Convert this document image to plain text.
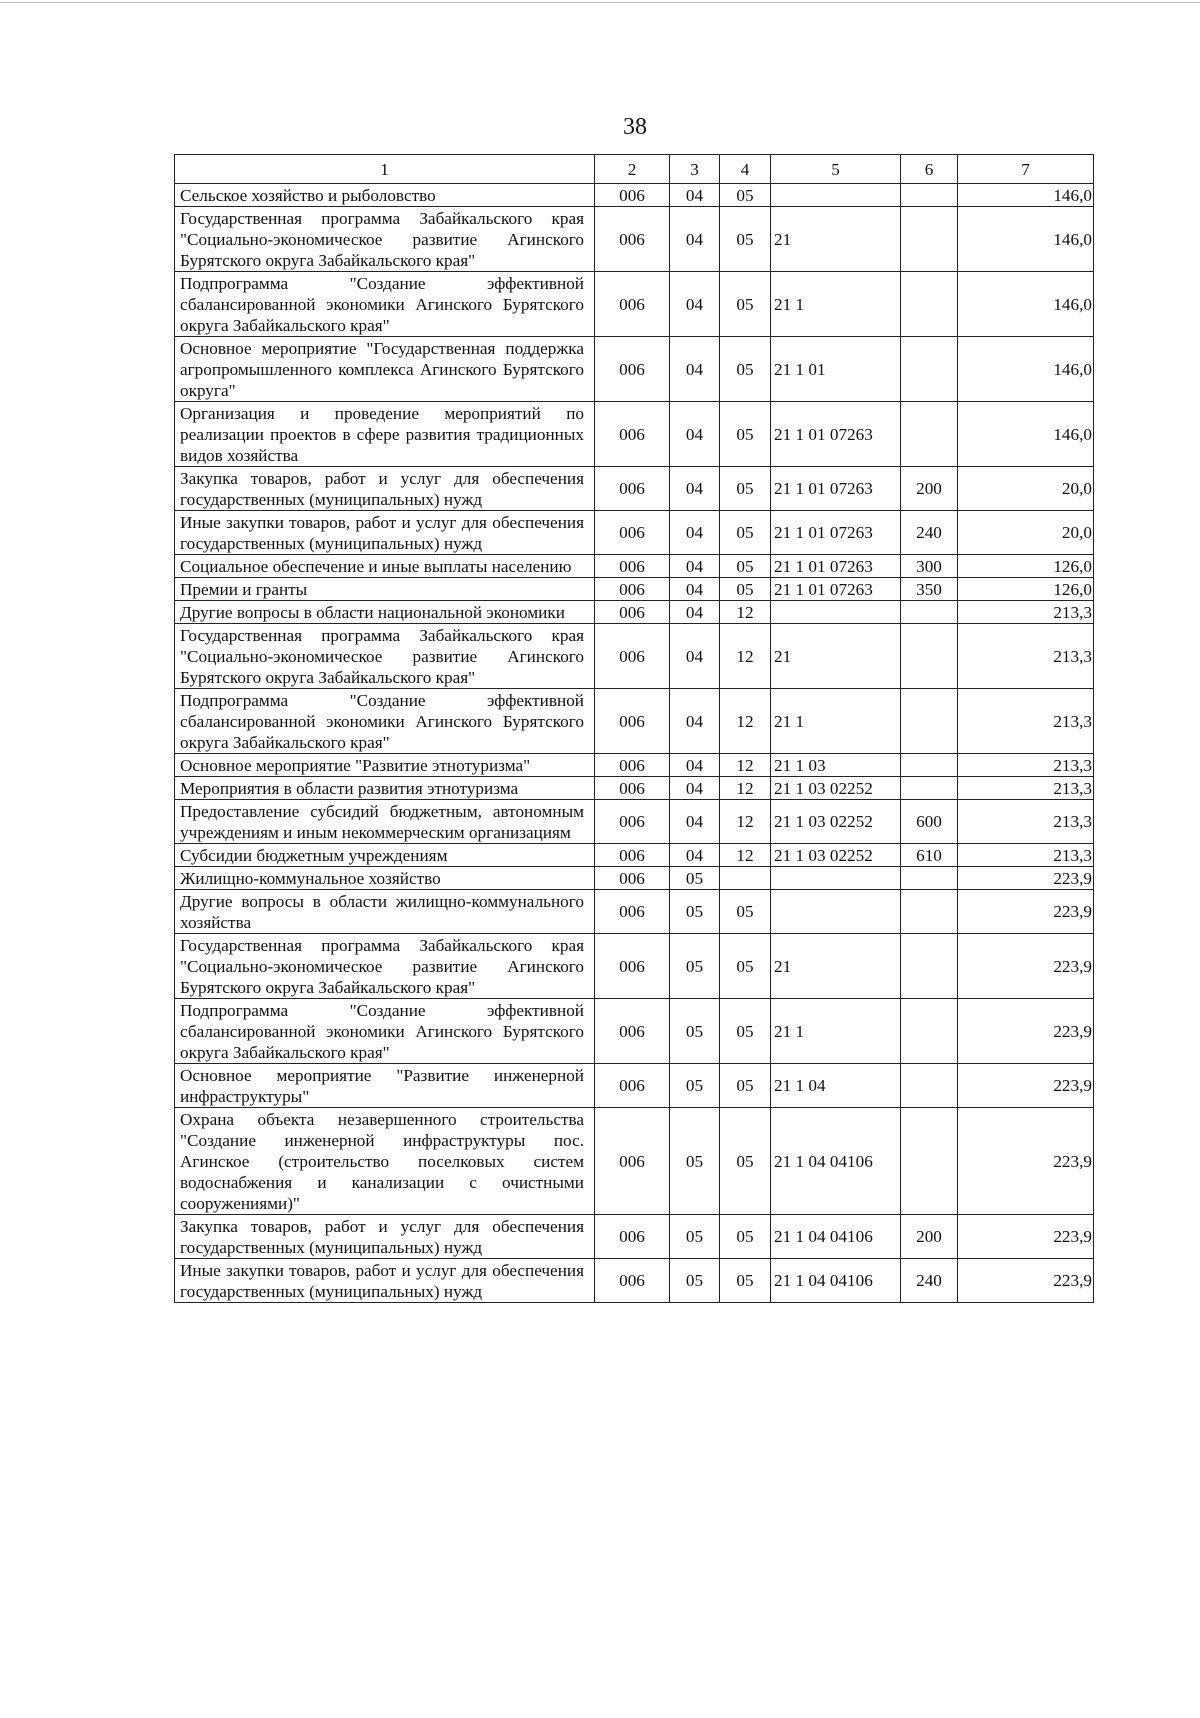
38
1	2	3	4	5	6	7
Сельское хозяйство и рыболовство	006	04	05			146,0
Государственная программа Забайкальского края "Социально-экономическое развитие Агинского Бурятского округа Забайкальского края"	006	04	05	21		146,0
Подпрограмма "Создание эффективной сбалансированной экономики Агинского Бурятского округа Забайкальского края"	006	04	05	21 1		146,0
Основное мероприятие "Государственная поддержка агропромышленного комплекса Агинского Бурятского округа"	006	04	05	21 1 01		146,0
Организация и проведение мероприятий по реализации проектов в сфере развития традиционных видов хозяйства	006	04	05	21 1 01 07263		146,0
Закупка товаров, работ и услуг для обеспечения государственных (муниципальных) нужд	006	04	05	21 1 01 07263	200	20,0
Иные закупки товаров, работ и услуг для обеспечения государственных (муниципальных) нужд	006	04	05	21 1 01 07263	240	20,0
Социальное обеспечение и иные выплаты населению	006	04	05	21 1 01 07263	300	126,0
Премии и гранты	006	04	05	21 1 01 07263	350	126,0
Другие вопросы в области национальной экономики	006	04	12			213,3
Государственная программа Забайкальского края "Социально-экономическое развитие Агинского Бурятского округа Забайкальского края"	006	04	12	21		213,3
Подпрограмма "Создание эффективной сбалансированной экономики Агинского Бурятского округа Забайкальского края"	006	04	12	21 1		213,3
Основное мероприятие "Развитие этнотуризма"	006	04	12	21 1 03		213,3
Мероприятия в области развития этнотуризма	006	04	12	21 1 03 02252		213,3
Предоставление субсидий бюджетным, автономным учреждениям и иным некоммерческим организациям	006	04	12	21 1 03 02252	600	213,3
Субсидии бюджетным учреждениям	006	04	12	21 1 03 02252	610	213,3
Жилищно-коммунальное хозяйство	006	05				223,9
Другие вопросы в области жилищно-коммунального хозяйства	006	05	05			223,9
Государственная программа Забайкальского края "Социально-экономическое развитие Агинского Бурятского округа Забайкальского края"	006	05	05	21		223,9
Подпрограмма "Создание эффективной сбалансированной экономики Агинского Бурятского округа Забайкальского края"	006	05	05	21 1		223,9
Основное мероприятие "Развитие инженерной инфраструктуры"	006	05	05	21 1 04		223,9
Охрана объекта незавершенного строительства "Создание инженерной инфраструктуры пос. Агинское (строительство поселковых систем водоснабжения и канализации с очистными сооружениями)"	006	05	05	21 1 04 04106		223,9
Закупка товаров, работ и услуг для обеспечения государственных (муниципальных) нужд	006	05	05	21 1 04 04106	200	223,9
Иные закупки товаров, работ и услуг для обеспечения государственных (муниципальных) нужд	006	05	05	21 1 04 04106	240	223,9
